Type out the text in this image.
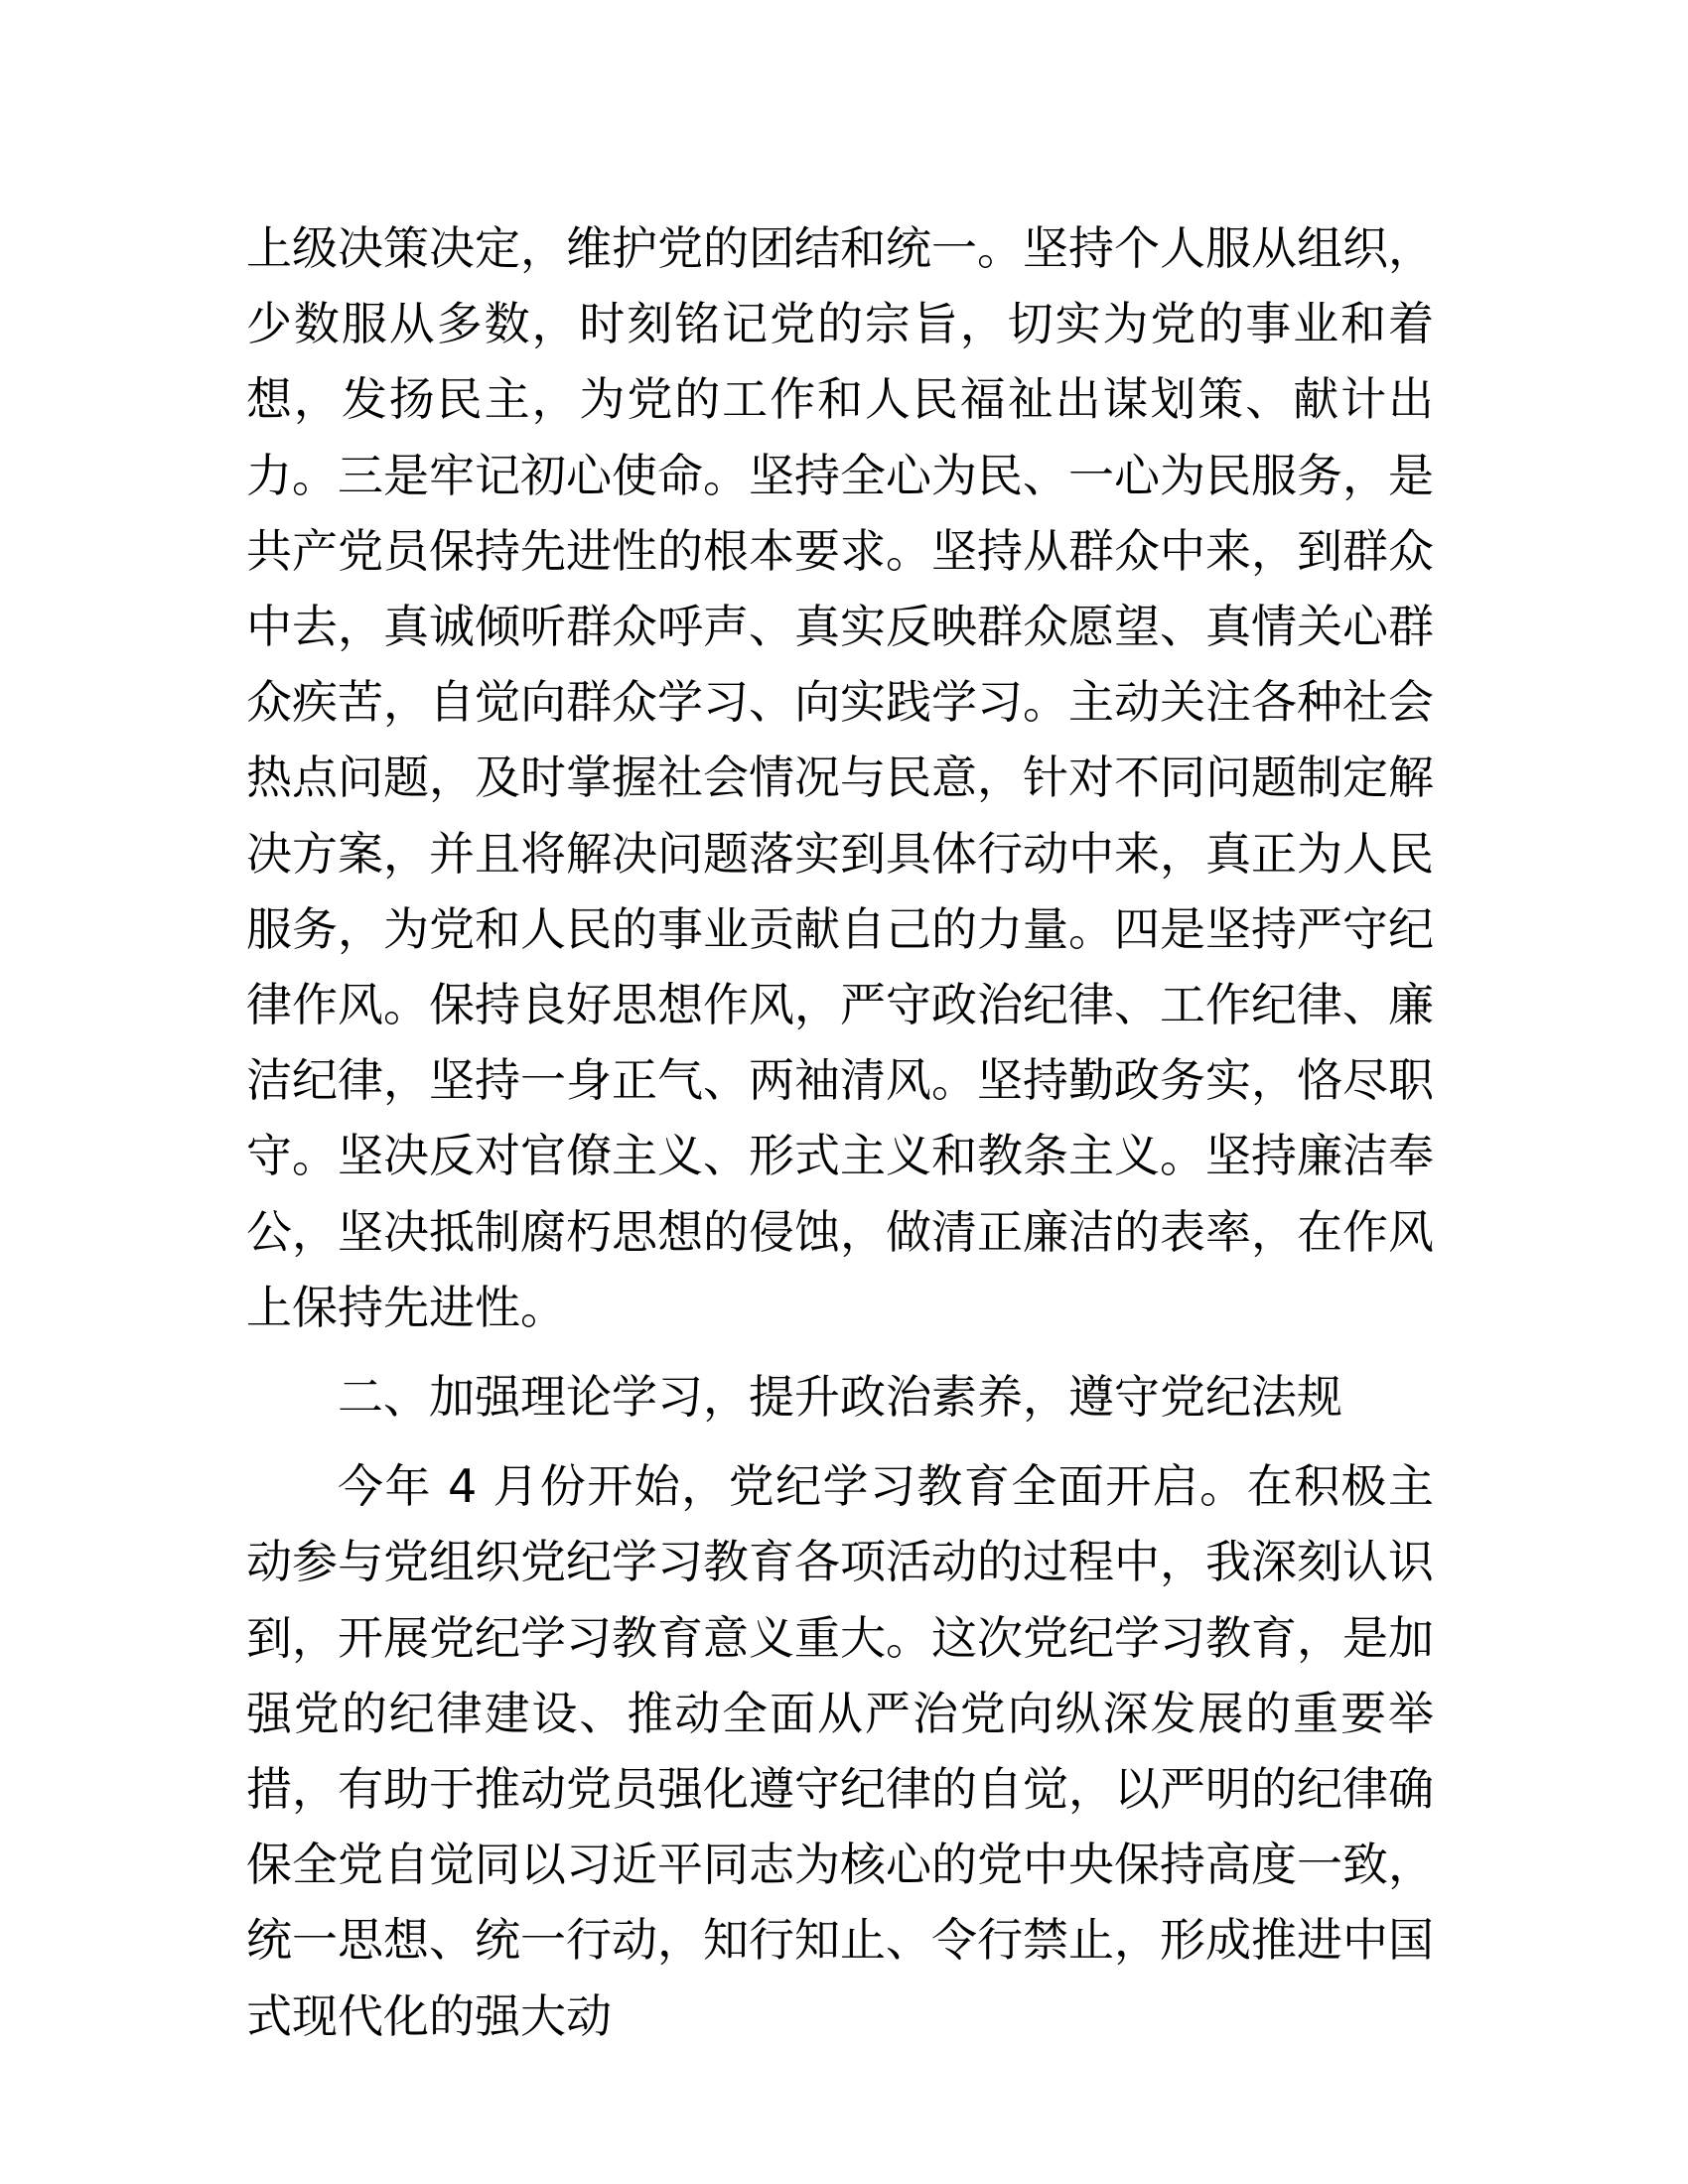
上级决策决定，维护党的团结和统一。坚持个人服从组织，少数服从多数，时刻铭记党的宗旨，切实为党的事业和着想，发扬民主，为党的工作和人民福祉出谋划策、献计出力。三是牢记初心使命。坚持全心为民、一心为民服务，是共产党员保持先进性的根本要求。坚持从群众中来，到群众中去，真诚倾听群众呼声、真实反映群众愿望、真情关心群众疾苦，自觉向群众学习、向实践学习。主动关注各种社会热点问题，及时掌握社会情况与民意，针对不同问题制定解决方案，并且将解决问题落实到具体行动中来，真正为人民服务，为党和人民的事业贡献自己的力量。四是坚持严守纪律作风。保持良好思想作风，严守政治纪律、工作纪律、廉洁纪律，坚持一身正气、两袖清风。坚持勤政务实，恪尽职守。坚决反对官僚主义、形式主义和教条主义。坚持廉洁奉公，坚决抵制腐朽思想的侵蚀，做清正廉洁的表率，在作风上保持先进性。

二、加强理论学习，提升政治素养，遵守党纪法规

今年 4 月份开始，党纪学习教育全面开启。在积极主动参与党组织党纪学习教育各项活动的过程中，我深刻认识到，开展党纪学习教育意义重大。这次党纪学习教育，是加强党的纪律建设、推动全面从严治党向纵深发展的重要举措，有助于推动党员强化遵守纪律的自觉，以严明的纪律确保全党自觉同以习近平同志为核心的党中央保持高度一致，统一思想、统一行动，知行知止、令行禁止，形成推进中国式现代化的强大动
